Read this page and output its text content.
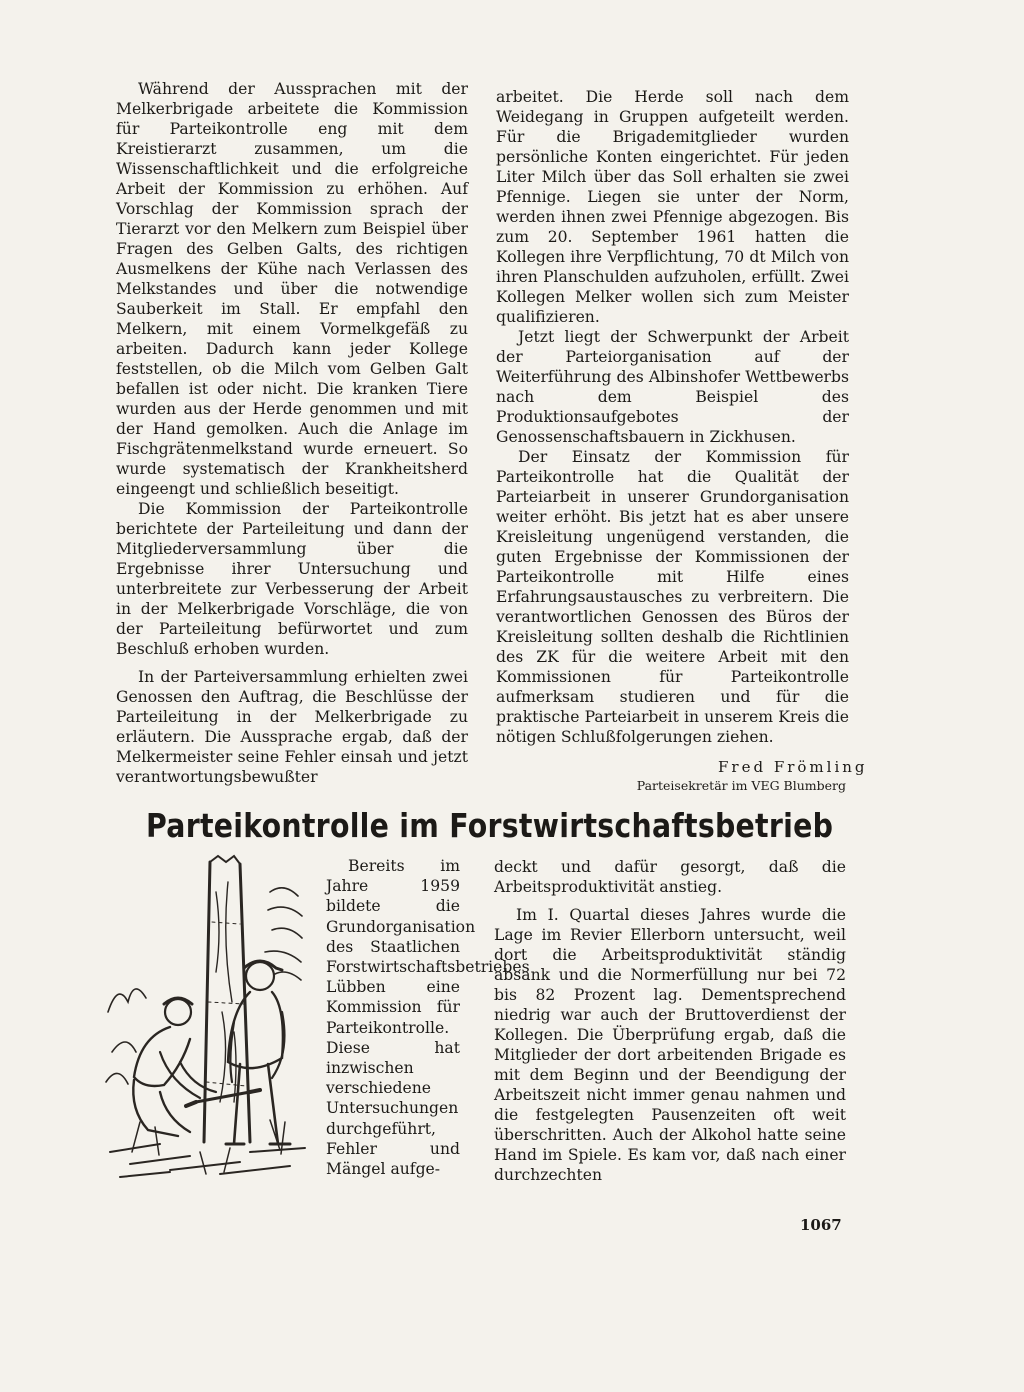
Während der Aussprachen mit der Melkerbrigade arbeitete die Kommission für Parteikontrolle eng mit dem Kreistierarzt zusammen, um die Wissenschaftlichkeit und die erfolgreiche Arbeit der Kommission zu erhöhen. Auf Vorschlag der Kommission sprach der Tierarzt vor den Melkern zum Beispiel über Fragen des Gelben Galts, des richtigen Ausmelkens der Kühe nach Verlassen des Melkstandes und über die notwendige Sauberkeit im Stall. Er empfahl den Melkern, mit einem Vormelkgefäß zu arbeiten. Dadurch kann jeder Kollege feststellen, ob die Milch vom Gelben Galt befallen ist oder nicht. Die kranken Tiere wurden aus der Herde genommen und mit der Hand gemolken. Auch die Anlage im Fischgrätenmelkstand wurde erneuert. So wurde systematisch der Krankheitsherd eingeengt und schließlich beseitigt.

Die Kommission der Parteikontrolle berichtete der Parteileitung und dann der Mitgliederversammlung über die Ergebnisse ihrer Untersuchung und unterbreitete zur Verbesserung der Arbeit in der Melkerbrigade Vorschläge, die von der Parteileitung befürwortet und zum Beschluß erhoben wurden.

In der Parteiversammlung erhielten zwei Genossen den Auftrag, die Beschlüsse der Parteileitung in der Melkerbrigade zu erläutern. Die Aussprache ergab, daß der Melkermeister seine Fehler einsah und jetzt verantwortungsbewußter

arbeitet. Die Herde soll nach dem Weidegang in Gruppen aufgeteilt werden. Für die Brigademitglieder wurden persönliche Konten eingerichtet. Für jeden Liter Milch über das Soll erhalten sie zwei Pfennige. Liegen sie unter der Norm, werden ihnen zwei Pfennige abgezogen. Bis zum 20. September 1961 hatten die Kollegen ihre Verpflichtung, 70 dt Milch von ihren Planschulden aufzuholen, erfüllt. Zwei Kollegen Melker wollen sich zum Meister qualifizieren.

Jetzt liegt der Schwerpunkt der Arbeit der Parteiorganisation auf der Weiterführung des Albinshofer Wettbewerbs nach dem Beispiel des Produktionsaufgebotes der Genossenschaftsbauern in Zickhusen.

Der Einsatz der Kommission für Parteikontrolle hat die Qualität der Parteiarbeit in unserer Grundorganisation weiter erhöht. Bis jetzt hat es aber unsere Kreisleitung ungenügend verstanden, die guten Ergebnisse der Kommissionen der Parteikontrolle mit Hilfe eines Erfahrungsaustausches zu verbreitern. Die verantwortlichen Genossen des Büros der Kreisleitung sollten deshalb die Richtlinien des ZK für die weitere Arbeit mit den Kommissionen für Parteikontrolle aufmerksam studieren und für die praktische Parteiarbeit in unserem Kreis die nötigen Schlußfolgerungen ziehen.

Fred Frömling
Parteisekretär im VEG Blumberg
Parteikontrolle im Forstwirtschaftsbetrieb

Bereits im Jahre 1959 bildete die Grundorganisation des Staatlichen Forstwirtschaftsbetriebes Lübben eine Kommission für Parteikontrolle. Diese hat inzwischen verschiedene Untersuchungen durchgeführt, Fehler und Mängel aufge-

deckt und dafür gesorgt, daß die Arbeitsproduktivität anstieg.

Im I. Quartal dieses Jahres wurde die Lage im Revier Ellerborn untersucht, weil dort die Arbeitsproduktivität ständig absank und die Normerfüllung nur bei 72 bis 82 Prozent lag. Dementsprechend niedrig war auch der Bruttoverdienst der Kollegen. Die Überprüfung ergab, daß die Mitglieder der dort arbeitenden Brigade es mit dem Beginn und der Beendigung der Arbeitszeit nicht immer genau nahmen und die festgelegten Pausenzeiten oft weit überschritten. Auch der Alkohol hatte seine Hand im Spiele. Es kam vor, daß nach einer durchzechten

1067
